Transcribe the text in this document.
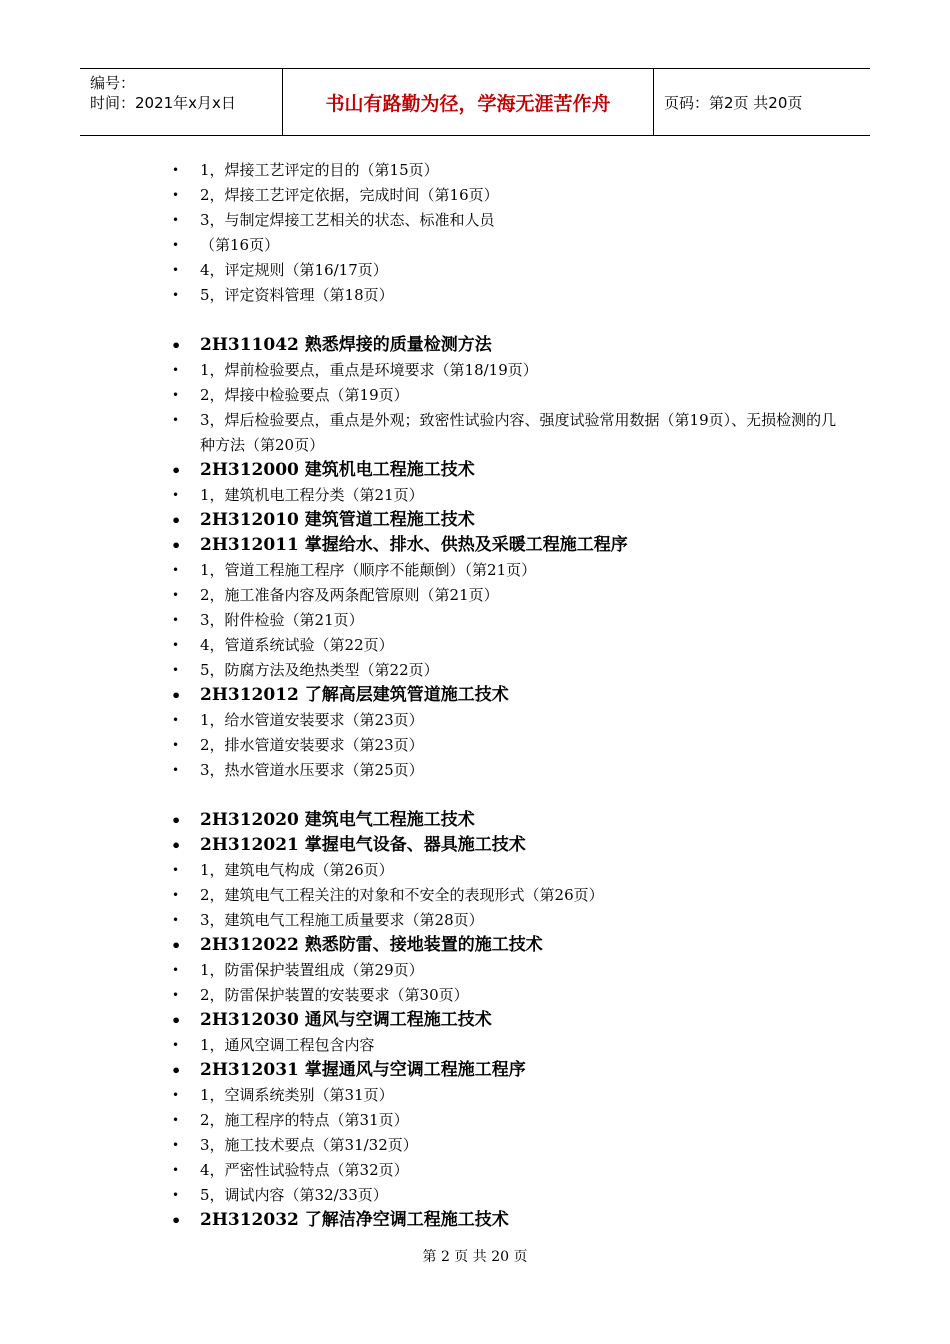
编号：
时间：2021年x月x日	书山有路勤为径，学海无涯苦作舟	页码：第2页 共20页
• 1，焊接工艺评定的目的（第15页）
• 2，焊接工艺评定依据，完成时间（第16页）
• 3，与制定焊接工艺相关的状态、标准和人员
• （第16页）
• 4，评定规则（第16/17页）
• 5，评定资料管理（第18页）
• 2H311042 熟悉焊接的质量检测方法
• 1，焊前检验要点，重点是环境要求（第18/19页）
• 2，焊接中检验要点（第19页）
• 3，焊后检验要点，重点是外观；致密性试验内容、强度试验常用数据（第19页）、无损检测的几种方法（第20页）
• 2H312000 建筑机电工程施工技术
• 1，建筑机电工程分类（第21页）
• 2H312010 建筑管道工程施工技术
• 2H312011 掌握给水、排水、供热及采暖工程施工程序
• 1，管道工程施工程序（顺序不能颠倒）（第21页）
• 2，施工准备内容及两条配管原则（第21页）
• 3，附件检验（第21页）
• 4，管道系统试验（第22页）
• 5，防腐方法及绝热类型（第22页）
• 2H312012 了解高层建筑管道施工技术
• 1，给水管道安装要求（第23页）
• 2，排水管道安装要求（第23页）
• 3，热水管道水压要求（第25页）
• 2H312020 建筑电气工程施工技术
• 2H312021 掌握电气设备、器具施工技术
• 1，建筑电气构成（第26页）
• 2，建筑电气工程关注的对象和不安全的表现形式（第26页）
• 3，建筑电气工程施工质量要求（第28页）
• 2H312022 熟悉防雷、接地装置的施工技术
• 1，防雷保护装置组成（第29页）
• 2，防雷保护装置的安装要求（第30页）
• 2H312030 通风与空调工程施工技术
• 1，通风空调工程包含内容
• 2H312031 掌握通风与空调工程施工程序
• 1，空调系统类别（第31页）
• 2，施工程序的特点（第31页）
• 3，施工技术要点（第31/32页）
• 4，严密性试验特点（第32页）
• 5，调试内容（第32/33页）
• 2H312032 了解洁净空调工程施工技术
第 2 页 共 20 页
